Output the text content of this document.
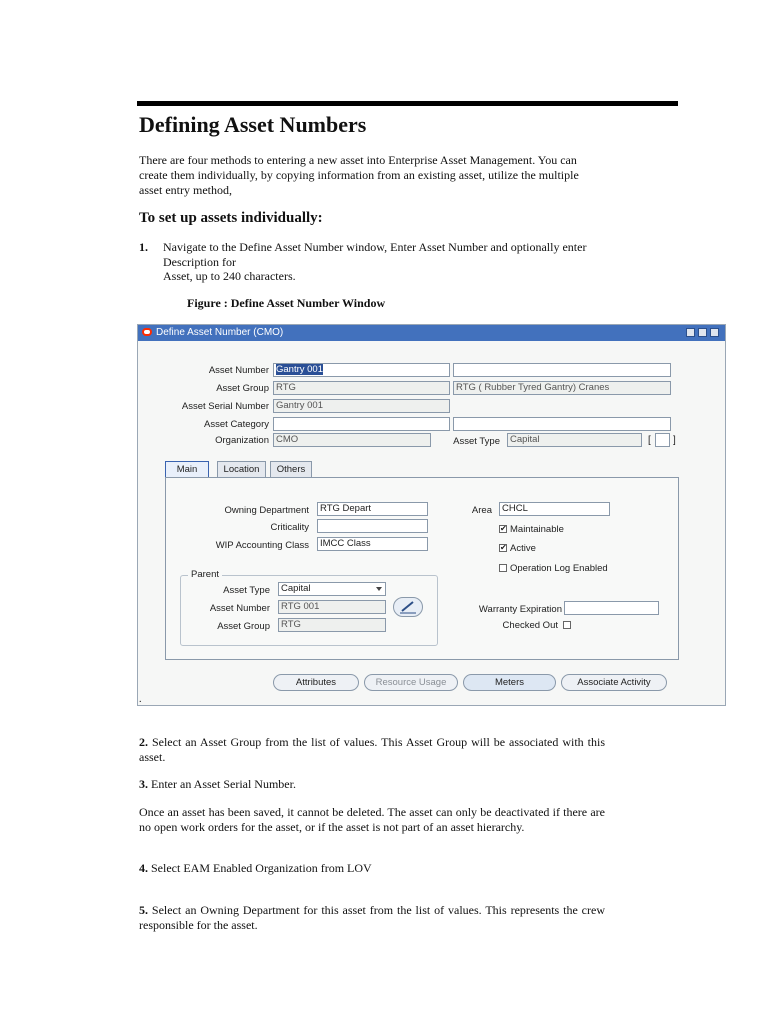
Defining Asset Numbers

There are four methods to entering a new asset into Enterprise Asset Management. You can create them individually, by copying information from an existing asset, utilize the multiple asset entry method,

To set up assets individually:
1. Navigate to the Define Asset Number window, Enter Asset Number and optionally enter Description for
Asset, up to 240 characters.
Figure : Define Asset Number Window
Define Asset Number (CMO)
Asset Number Gantry 001
Asset Group RTG	RTG ( Rubber Tyred Gantry) Cranes
Asset Serial Number Gantry 001
Asset Category
Organization CMO	Asset Type	Capital	[ ]
Main	Location	Others
Owning Department	RTG Depart
Criticality
WIP Accounting Class	IMCC Class
Area	CHCL
✔ Maintainable
✔ Active
Operation Log Enabled
Warranty Expiration
Checked Out
Parent
Asset Type	Capital
Asset Number	RTG 001
Asset Group	RTG
Attributes	Resource Usage	Meters	Associate Activity
.

2. Select an Asset Group from the list of values. This Asset Group will be associated with this asset.

3. Enter an Asset Serial Number.

Once an asset has been saved, it cannot be deleted. The asset can only be deactivated if there are no open work orders for the asset, or if the asset is not part of an asset hierarchy.

4. Select EAM Enabled Organization from LOV

5. Select an Owning Department for this asset from the list of values. This represents the crew responsible for the asset.
